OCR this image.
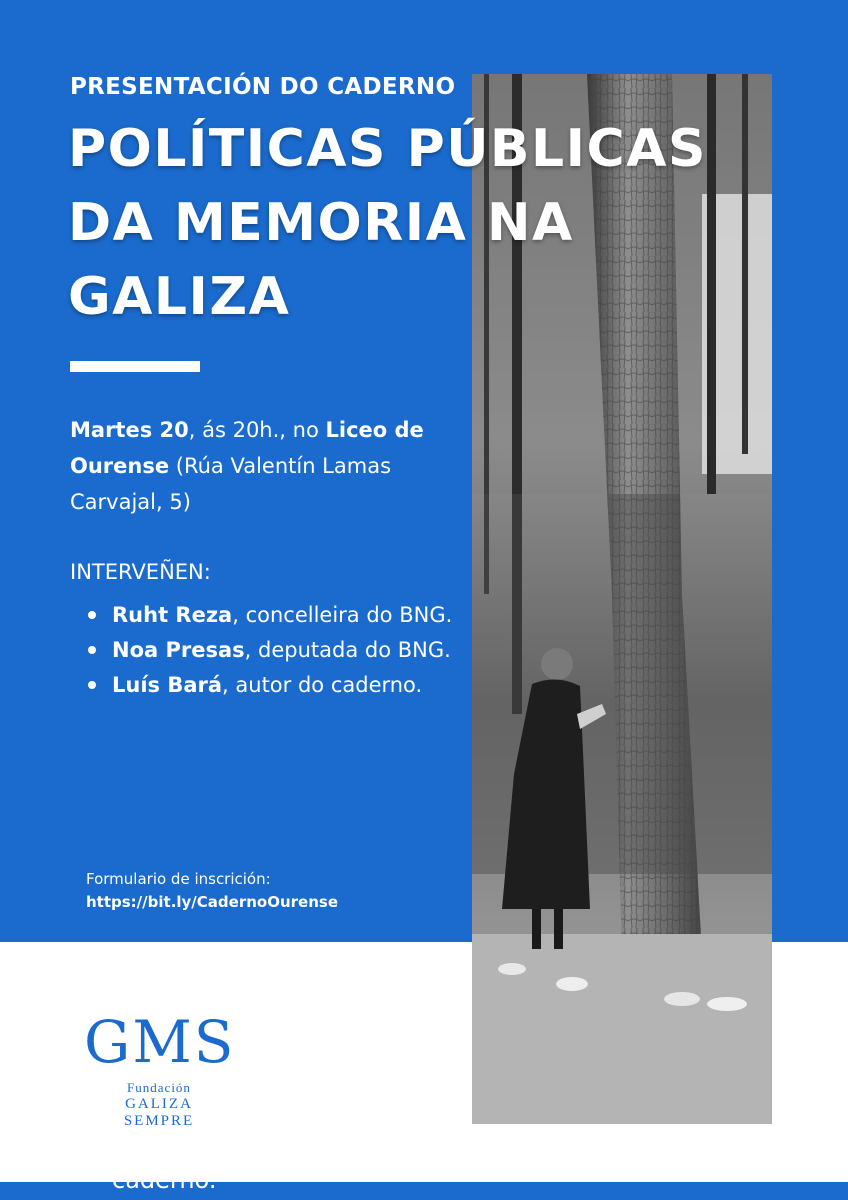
PRESENTACIÓN DO CADERNO
POLÍTICAS PÚBLICAS DA MEMORIA NA GALIZA

Martes 20, ás 20h., no Liceo de Ourense (Rúa Valentín Lamas Carvajal, 5)

INTERVEÑEN:
Ruht Reza, concelleira do BNG.
Noa Presas, deputada do BNG.
Luís Bará, autor do caderno.
Formulario de inscrición:
https://bit.ly/CadernoOurense
GMS
Fundación
GALIZA
SEMPRE
caderno.
